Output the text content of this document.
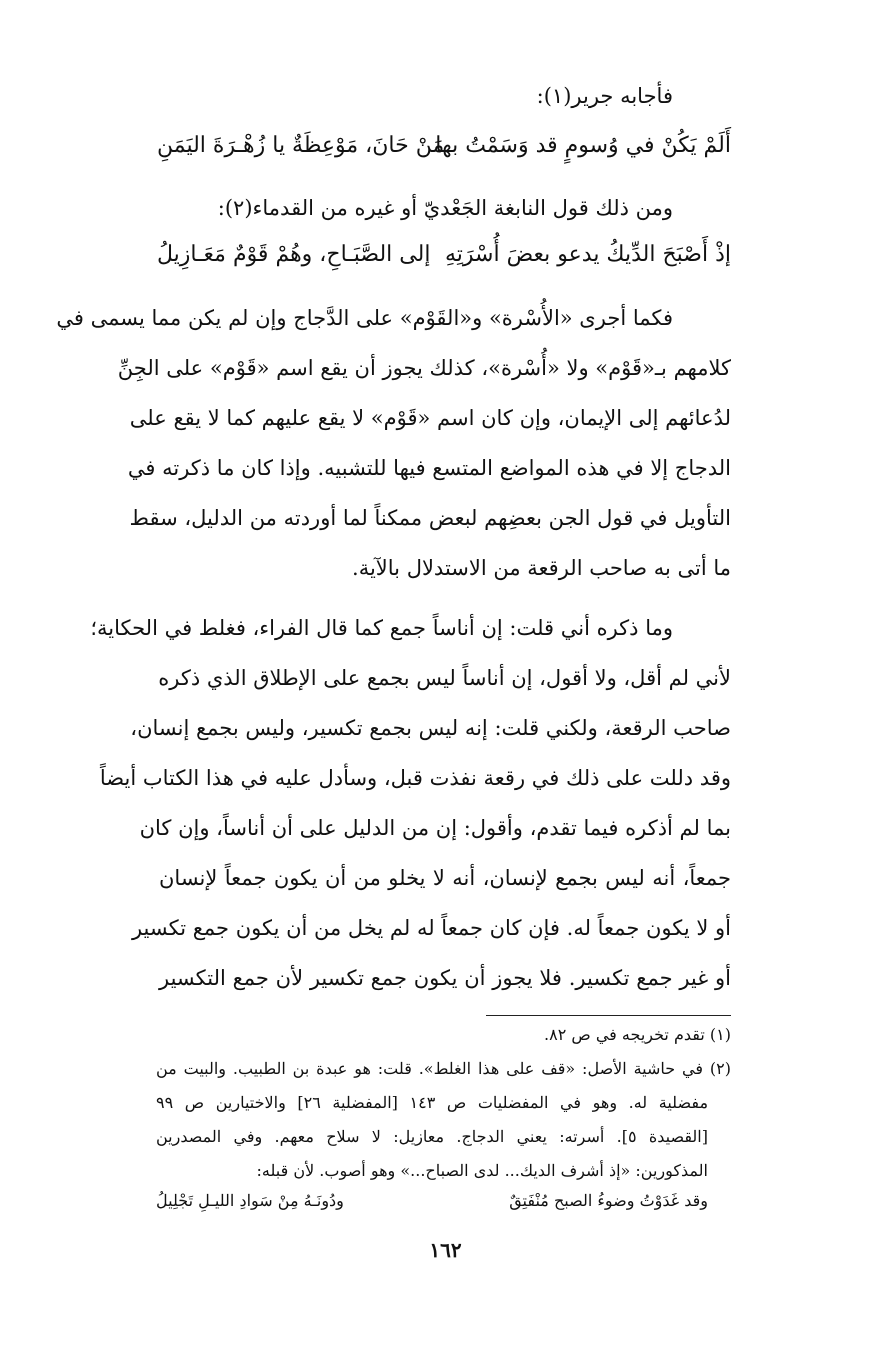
فأجابه جرير(١):
أَلَمْ يَكُنْ في وُسومٍ قد وَسَمْتُ بها
مَنْ حَانَ، مَوْعِظَةٌ يا زُهْـرَةَ اليَمَنِ
ومن ذلك قول النابغة الجَعْديّ أو غيره من القدماء(٢):
إذْ أَصْبَحَ الدِّيكُ يدعو بعضَ أُسْرَتِهِ
إلى الصَّبَـاحِ، وهُمْ قَوْمٌ مَعَـازِيلُ
فكما أجرى «الأُسْرة» و«القَوْم» على الدَّجاج وإن لم يكن مما يسمى في
كلامهم بـ«قَوْم» ولا «أُسْرة»، كذلك يجوز أن يقع اسم «قَوْم» على الجِنِّ
لدُعائهم إلى الإيمان، وإن كان اسم «قَوْم» لا يقع عليهم كما لا يقع على
الدجاج إلا في هذه المواضع المتسع فيها للتشبيه. وإذا كان ما ذكرته في
التأويل في قول الجن بعضِهم لبعض ممكناً لما أوردته من الدليل، سقط
ما أتى به صاحب الرقعة من الاستدلال بالآية.
وما ذكره أني قلت: إن أناساً جمع كما قال الفراء، فغلط في الحكاية؛
لأني لم أقل، ولا أقول، إن أناساً ليس بجمع على الإطلاق الذي ذكره
صاحب الرقعة، ولكني قلت: إنه ليس بجمع تكسير، وليس بجمع إنسان،
وقد دللت على ذلك في رقعة نفذت قبل، وسأدل عليه في هذا الكتاب أيضاً
بما لم أذكره فيما تقدم، وأقول: إن من الدليل على أن أناساً، وإن كان
جمعاً، أنه ليس بجمع لإنسان، أنه لا يخلو من أن يكون جمعاً لإنسان
أو لا يكون جمعاً له. فإن كان جمعاً له لم يخل من أن يكون جمع تكسير
أو غير جمع تكسير. فلا يجوز أن يكون جمع تكسير لأن جمع التكسير
(١) تقدم تخريجه في ص ٨٢.
(٢) في حاشية الأصل: «قف على هذا الغلط». قلت: هو عبدة بن الطبيب. والبيت من
مفضلية له. وهو في المفضليات ص ١٤٣ [المفضلية ٢٦] والاختيارين ص ٩٩
[القصيدة ٥]. أسرته: يعني الدجاج. معازيل: لا سلاح معهم. وفي المصدرين
المذكورين: «إذ أشرف الديك... لدى الصباح...» وهو أصوب. لأن قبله:
وقد غَدَوْتُ وضوءُ الصبح مُنْفَتِقٌ
ودُونَـهُ مِنْ سَوادِ الليـلِ تَجْلِيلُ
١٦٢
